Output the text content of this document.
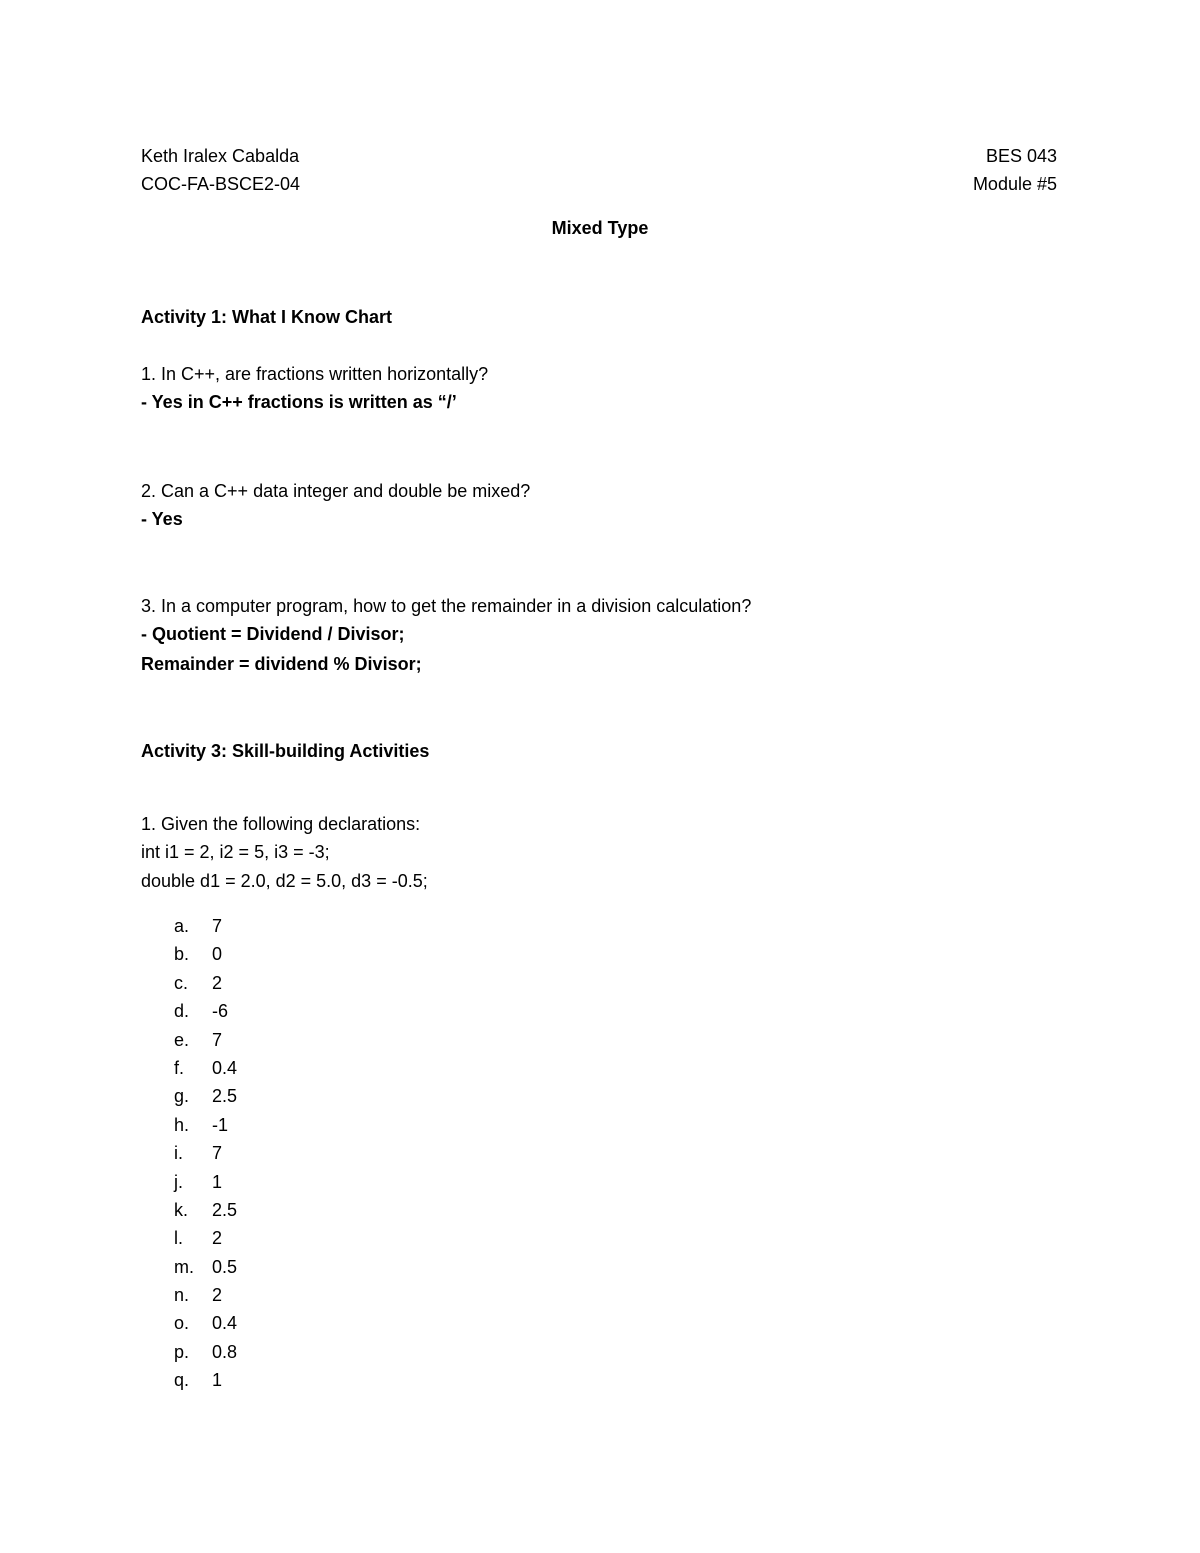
Keth Iralex Cabalda	BES 043
COC-FA-BSCE2-04	Module #5
Mixed Type
Activity 1: What I Know Chart
1. In C++, are fractions written horizontally?
- Yes in C++ fractions is written as “/’
2. Can a C++ data integer and double be mixed?
- Yes
3. In a computer program, how to get the remainder in a division calculation?
- Quotient = Dividend / Divisor;
Remainder = dividend % Divisor;
Activity 3: Skill-building Activities
1. Given the following declarations:
int i1 = 2, i2 = 5, i3 = -3;
double d1 = 2.0, d2 = 5.0, d3 = -0.5;
a. 7
b. 0
c. 2
d. -6
e. 7
f. 0.4
g. 2.5
h. -1
i. 7
j. 1
k. 2.5
l. 2
m. 0.5
n. 2
o. 0.4
p. 0.8
q. 1
